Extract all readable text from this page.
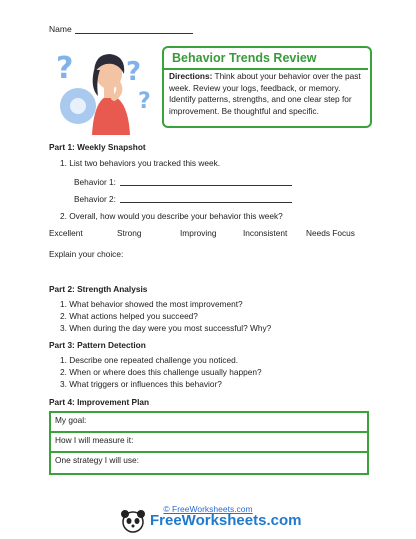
Name
? ?
?
Behavior Trends Review
Directions: Think about your behavior over the past week. Review your logs, feedback, or memory. Identify patterns, strengths, and one clear step for improvement. Be thoughtful and specific.
Part 1: Weekly Snapshot
1. List two behaviors you tracked this week.
Behavior 1:
Behavior 2:
2. Overall, how would you describe your behavior this week?
Excellent	Strong	Improving	Inconsistent Needs Focus
Explain your choice:
Part 2: Strength Analysis
1. What behavior showed the most improvement?
2. What actions helped you succeed?
3. When during the day were you most successful? Why?
Part 3: Pattern Detection
1. Describe one repeated challenge you noticed.
2. When or where does this challenge usually happen?
3. What triggers or influences this behavior?
Part 4: Improvement Plan
My goal:
How I will measure it:
One strategy I will use:
© FreeWorksheets.com
FreeWorksheets.com
